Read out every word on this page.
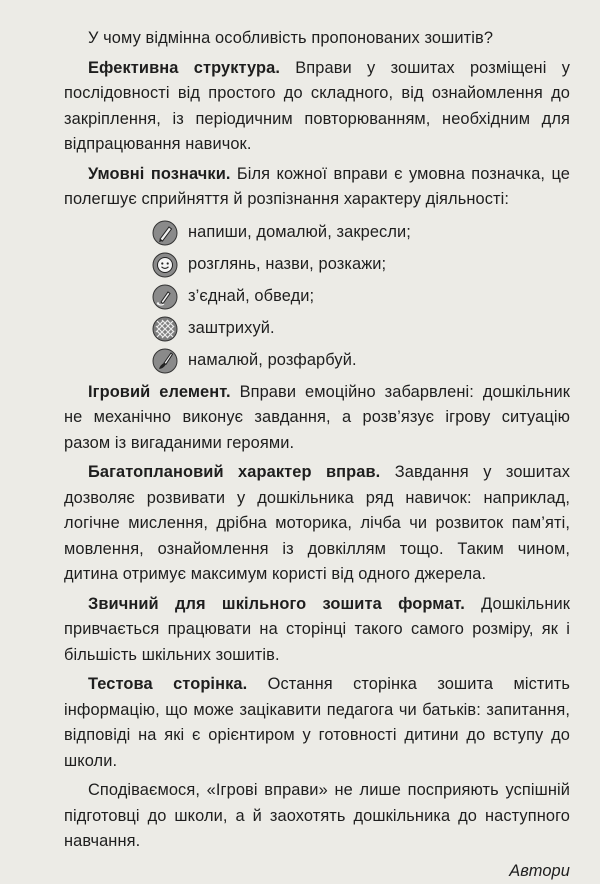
У чому відмінна особливість пропонованих зошитів?

Ефективна структура. Вправи у зошитах розміщені у послідовності від простого до складного, від ознайомлення до закріплення, із періодичним повторюванням, необхідним для відпрацювання навичок.

Умовні позначки. Біля кожної вправи є умовна позначка, це полегшує сприйняття й розпізнання характеру діяльності:

напиши, домалюй, закресли;
розглянь, назви, розкажи;
з’єднай, обведи;
заштрихуй.
намалюй, розфарбуй.

Ігровий елемент. Вправи емоційно забарвлені: дошкільник не механічно виконує завдання, а розв’язує ігрову ситуацію разом із вигаданими героями.

Багатоплановий характер вправ. Завдання у зошитах дозволяє розвивати у дошкільника ряд навичок: наприклад, логічне мислення, дрібна моторика, лічба чи розвиток пам’яті, мовлення, ознайомлення із довкіллям тощо. Таким чином, дитина отримує максимум користі від одного джерела.

Звичний для шкільного зошита формат. Дошкільник привчається працювати на сторінці такого самого розміру, як і більшість шкільних зошитів.

Тестова сторінка. Остання сторінка зошита містить інформацію, що може зацікавити педагога чи батьків: запитання, відповіді на які є орієнтиром у готовності дитини до вступу до школи.

Сподіваємося, «Ігрові вправи» не лише посприяють успішній підготовці до школи, а й заохотять дошкільника до наступного навчання.

Автори
